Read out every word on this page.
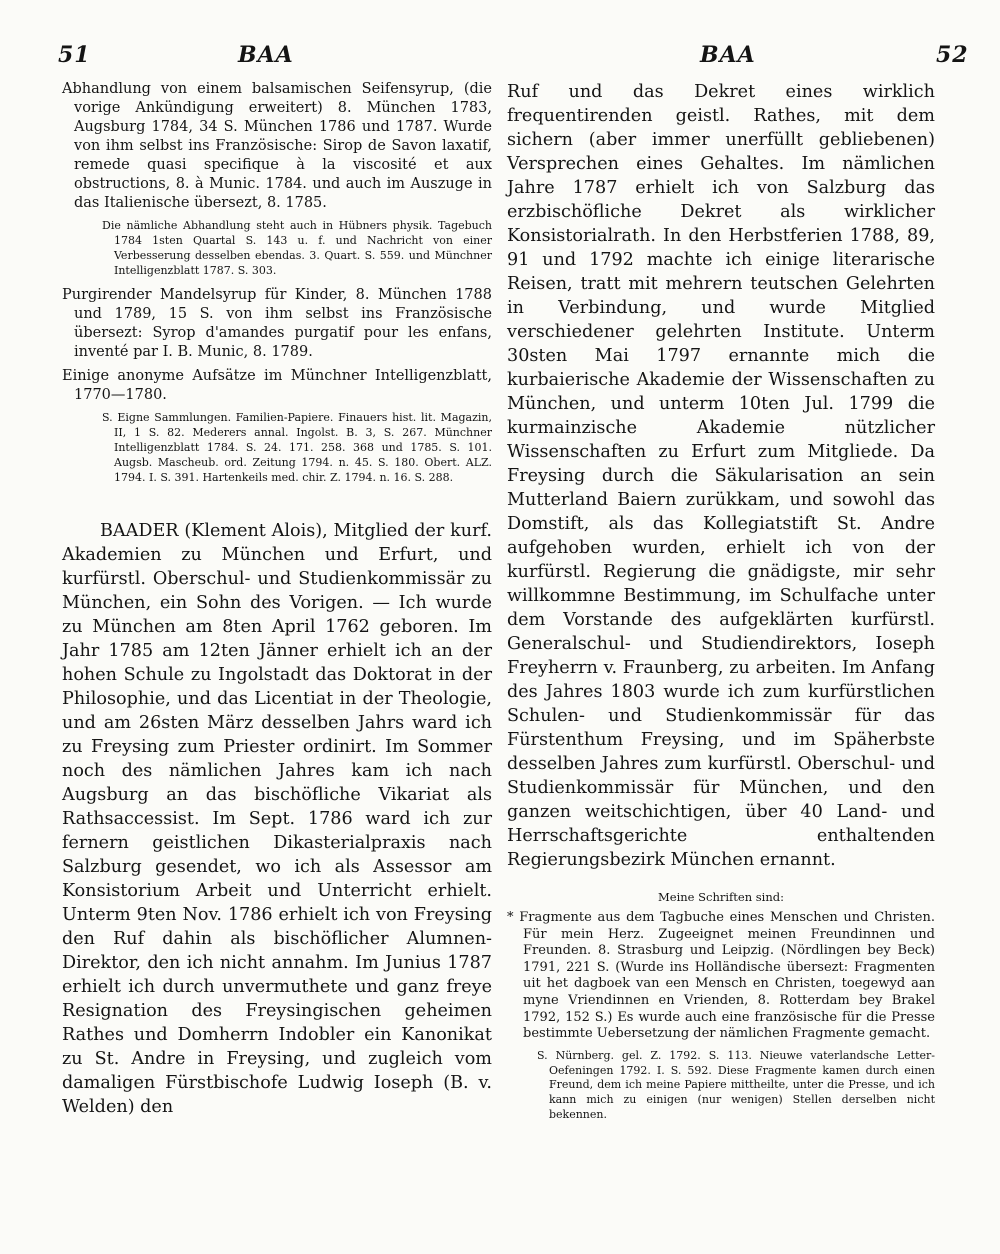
51	BAA	BAA	52

Abhandlung von einem balsamischen Seifensyrup, (die vorige Ankündigung erweitert) 8. München 1783, Augsburg 1784, 34 S. München 1786 und 1787. Wurde von ihm selbst ins Französische: Sirop de Savon laxatif, remede quasi specifique à la viscosité et aux obstructions, 8. à Munic. 1784. und auch im Auszuge in das Italienische übersezt, 8. 1785.

Die nämliche Abhandlung steht auch in Hübners physik. Tagebuch 1784 1sten Quartal S. 143 u. f. und Nachricht von einer Verbesserung desselben ebendas. 3. Quart. S. 559. und Münchner Intelligenzblatt 1787. S. 303.

Purgirender Mandelsyrup für Kinder, 8. München 1788 und 1789, 15 S. von ihm selbst ins Französische übersezt: Syrop d'amandes purgatif pour les enfans, inventé par I. B. Munic, 8. 1789.

Einige anonyme Aufsätze im Münchner Intelligenzblatt, 1770—1780.

S. Eigne Sammlungen. Familien-Papiere. Finauers hist. lit. Magazin, II, 1 S. 82. Mederers annal. Ingolst. B. 3, S. 267. Münchner Intelligenzblatt 1784. S. 24. 171. 258. 368 und 1785. S. 101. Augsb. Mascheub. ord. Zeitung 1794. n. 45. S. 180. Obert. ALZ. 1794. I. S. 391. Hartenkeils med. chir. Z. 1794. n. 16. S. 288.

BAADER (Klement Alois), Mitglied der kurf. Akademien zu München und Erfurt, und kurfürstl. Oberschul- und Studienkommissär zu München, ein Sohn des Vorigen. — Ich wurde zu München am 8ten April 1762 geboren. Im Jahr 1785 am 12ten Jänner erhielt ich an der hohen Schule zu Ingolstadt das Doktorat in der Philosophie, und das Licentiat in der Theologie, und am 26sten März desselben Jahrs ward ich zu Freysing zum Priester ordinirt. Im Sommer noch des nämlichen Jahres kam ich nach Augsburg an das bischöfliche Vikariat als Rathsaccessist. Im Sept. 1786 ward ich zur fernern geistlichen Dikasterialpraxis nach Salzburg gesendet, wo ich als Assessor am Konsistorium Arbeit und Unterricht erhielt. Unterm 9ten Nov. 1786 erhielt ich von Freysing den Ruf dahin als bischöflicher Alumnen-Direktor, den ich nicht annahm. Im Junius 1787 erhielt ich durch unvermuthete und ganz freye Resignation des Freysingischen geheimen Rathes und Domherrn Indobler ein Kanonikat zu St. Andre in Freysing, und zugleich vom damaligen Fürstbischofe Ludwig Ioseph (B. v. Welden) den

Ruf und das Dekret eines wirklich frequentirenden geistl. Rathes, mit dem sichern (aber immer unerfüllt gebliebenen) Versprechen eines Gehaltes. Im nämlichen Jahre 1787 erhielt ich von Salzburg das erzbischöfliche Dekret als wirklicher Konsistorialrath. In den Herbstferien 1788, 89, 91 und 1792 machte ich einige literarische Reisen, tratt mit mehrern teutschen Gelehrten in Verbindung, und wurde Mitglied verschiedener gelehrten Institute. Unterm 30sten Mai 1797 ernannte mich die kurbaierische Akademie der Wissenschaften zu München, und unterm 10ten Jul. 1799 die kurmainzische Akademie nützlicher Wissenschaften zu Erfurt zum Mitgliede. Da Freysing durch die Säkularisation an sein Mutterland Baiern zurükkam, und sowohl das Domstift, als das Kollegiatstift St. Andre aufgehoben wurden, erhielt ich von der kurfürstl. Regierung die gnädigste, mir sehr willkommne Bestimmung, im Schulfache unter dem Vorstande des aufgeklärten kurfürstl. Generalschul- und Studiendirektors, Ioseph Freyherrn v. Fraunberg, zu arbeiten. Im Anfang des Jahres 1803 wurde ich zum kurfürstlichen Schulen- und Studienkommissär für das Fürstenthum Freysing, und im Späherbste desselben Jahres zum kurfürstl. Oberschul- und Studienkommissär für München, und den ganzen weitschichtigen, über 40 Land- und Herrschaftsgerichte enthaltenden Regierungsbezirk München ernannt.

Meine Schriften sind:

* Fragmente aus dem Tagbuche eines Menschen und Christen. Für mein Herz. Zugeeignet meinen Freundinnen und Freunden. 8. Strasburg und Leipzig. (Nördlingen bey Beck) 1791, 221 S. (Wurde ins Holländische übersezt: Fragmenten uit het dagboek van een Mensch en Christen, toegewyd aan myne Vriendinnen en Vrienden, 8. Rotterdam bey Brakel 1792, 152 S.) Es wurde auch eine französische für die Presse bestimmte Uebersetzung der nämlichen Fragmente gemacht.

S. Nürnberg. gel. Z. 1792. S. 113. Nieuwe vaterlandsche Letter-Oefeningen 1792. I. S. 592. Diese Fragmente kamen durch einen Freund, dem ich meine Papiere mittheilte, unter die Presse, und ich kann mich zu einigen (nur wenigen) Stellen derselben nicht bekennen.
